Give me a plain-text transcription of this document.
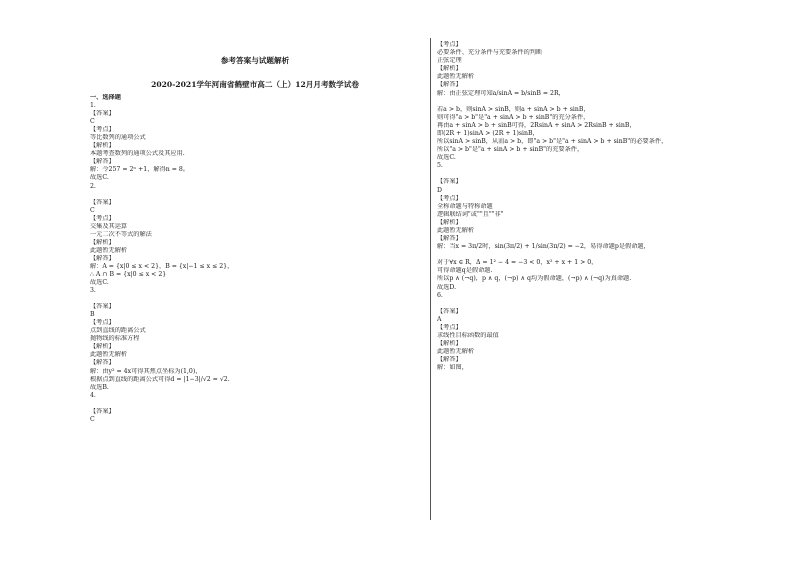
参考答案与试题解析
2020-2021学年河南省鹤壁市高二（上）12月月考数学试卷
一、选择题
1.
【答案】
C
【考点】
等比数列的通项公式
【解析】
本题考查数列的通项公式及其应用.
【解答】
解：令257 = 2ⁿ +1，解得n = 8。
故选C.
2.
【答案】
C
【考点】
交集及其运算
一元二次不等式的解法
【解析】
此题暂无解析
【解答】
解：A = {x|0 ≤ x < 2}，B = {x|−1 ≤ x ≤ 2}，
∴ A ∩ B = {x|0 ≤ x < 2}
故选C.
3.
【答案】
B
【考点】
点到直线的距离公式
抛物线的标准方程
【解析】
此题暂无解析
【解答】
解：由y² = 4x可得其焦点坐标为(1,0)，
根据点到直线的距离公式可得d = |1−3|/√2 = √2.
故选B.
4.
【答案】
C
【考点】
必要条件、充分条件与充要条件的判断
正弦定理
【解析】
此题暂无解析
【解答】
解：由正弦定理可知a/sinA = b/sinB = 2R，
若a > b，则sinA > sinB，则a + sinA > b + sinB，
则可得"a > b"是"a + sinA > b + sinB"的充分条件，
再由a + sinA > b + sinB可得，2RsinA + sinA > 2RsinB + sinB，
即(2R + 1)sinA > (2R + 1)sinB，
所以sinA > sinB，从而a > b，即"a > b"是"a + sinA > b + sinB"的必要条件，
所以"a > b"是"a + sinA > b + sinB"的充要条件，
故选C.
5.
【答案】
D
【考点】
全称命题与特称命题
逻辑联结词"或""且""非"
【解析】
此题暂无解析
【解答】
解：当x = 3π/2时，sin(3π/2) + 1/sin(3π/2) = −2，易得命题p是假命题，
对于∀x ∈ R，Δ = 1² − 4 = −3 < 0，x² + x + 1 > 0，
可得命题q是假命题.
所以p ∧ (¬q)，p ∧ q，(¬p) ∧ q均为假命题，(¬p) ∧ (¬q)为真命题.
故选D.
6.
【答案】
A
【考点】
求线性目标函数的最值
【解析】
此题暂无解析
【解答】
解：如图，
